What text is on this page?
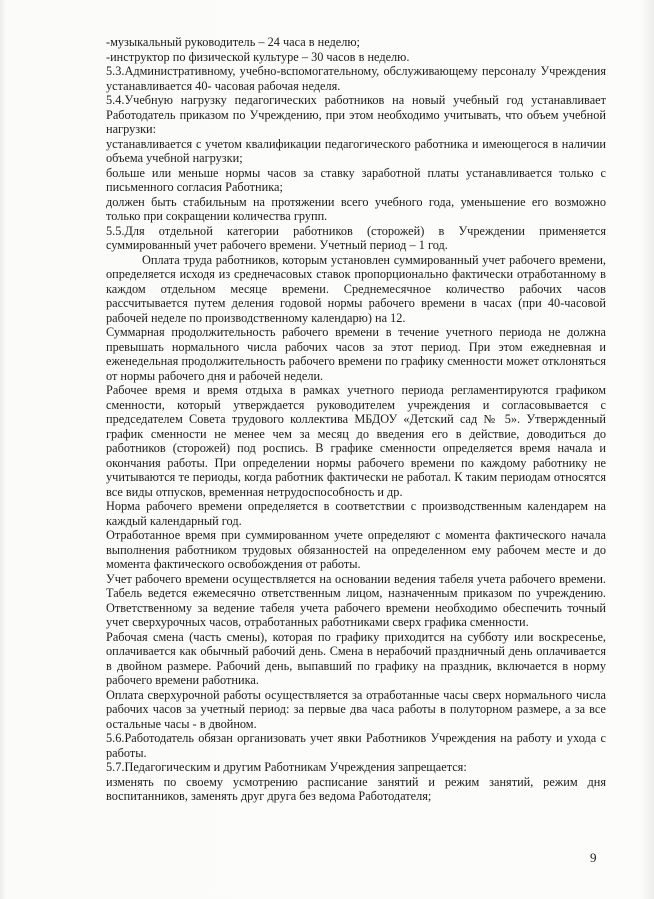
-музыкальный руководитель – 24 часа в неделю;

-инструктор по физической культуре – 30 часов в неделю.

5.3.Административному, учебно-вспомогательному, обслуживающему персоналу Учреждения устанавливается 40- часовая рабочая неделя.

5.4.Учебную нагрузку педагогических работников на новый учебный год устанавливает Работодатель приказом по Учреждению, при этом необходимо учитывать, что объем учебной нагрузки:

устанавливается с учетом квалификации педагогического работника и имеющегося в наличии объема учебной нагрузки;

больше или меньше нормы часов за ставку заработной платы устанавливается только с письменного согласия Работника;

должен быть стабильным на протяжении всего учебного года, уменьшение его возможно только при сокращении количества групп.

5.5.Для отдельной категории работников (сторожей) в Учреждении применяется суммированный учет рабочего времени. Учетный период – 1 год.

Оплата труда работников, которым установлен суммированный учет рабочего времени, определяется исходя из среднечасовых ставок пропорционально фактически отработанному в каждом отдельном месяце времени. Среднемесячное количество рабочих часов рассчитывается путем деления годовой нормы рабочего времени в часах (при 40-часовой рабочей неделе по производственному календарю) на 12.

Суммарная продолжительность рабочего времени в течение учетного периода не должна превышать нормального числа рабочих часов за этот период. При этом ежедневная и еженедельная продолжительность рабочего времени по графику сменности может отклоняться от нормы рабочего дня и рабочей недели.

Рабочее время и время отдыха в рамках учетного периода регламентируются графиком сменности, который утверждается руководителем учреждения и согласовывается с председателем Совета трудового коллектива МБДОУ «Детский сад № 5». Утвержденный график сменности не менее чем за месяц до введения его в действие, доводиться до работников (сторожей) под роспись. В графике сменности определяется время начала и окончания работы. При определении нормы рабочего времени по каждому работнику не учитываются те периоды, когда работник фактически не работал. К таким периодам относятся все виды отпусков, временная нетрудоспособность и др.

Норма рабочего времени определяется в соответствии с производственным календарем на каждый календарный год.

Отработанное время при суммированном учете определяют с момента фактического начала выполнения работником трудовых обязанностей на определенном ему рабочем месте и до момента фактического освобождения от работы.

Учет рабочего времени осуществляется на основании ведения табеля учета рабочего времени. Табель ведется ежемесячно ответственным лицом, назначенным приказом по учреждению. Ответственному за ведение табеля учета рабочего времени необходимо обеспечить точный учет сверхурочных часов, отработанных работниками сверх графика сменности.

Рабочая смена (часть смены), которая по графику приходится на субботу или воскресенье, оплачивается как обычный рабочий день. Смена в нерабочий праздничный день оплачивается в двойном размере. Рабочий день, выпавший по графику на праздник, включается в норму рабочего времени работника.

Оплата сверхурочной работы осуществляется за отработанные часы сверх нормального числа рабочих часов за учетный период: за первые два часа работы в полуторном размере, а за все остальные часы - в двойном.

5.6.Работодатель обязан организовать учет явки Работников Учреждения на работу и ухода с работы.

5.7.Педагогическим и другим Работникам Учреждения запрещается:

изменять по своему усмотрению расписание занятий и режим занятий, режим дня воспитанников, заменять друг друга без ведома Работодателя;

9
